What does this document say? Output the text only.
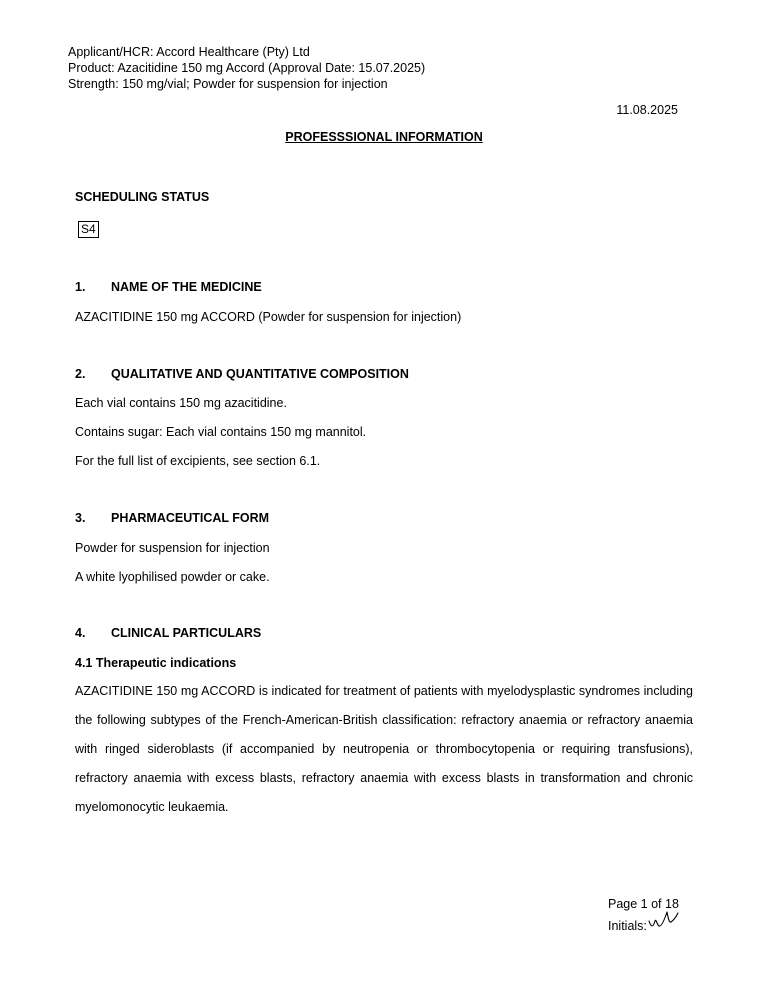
Applicant/HCR: Accord Healthcare (Pty) Ltd
Product: Azacitidine 150 mg Accord (Approval Date: 15.07.2025)
Strength: 150 mg/vial; Powder for suspension for injection
11.08.2025
PROFESSSIONAL INFORMATION
SCHEDULING STATUS
S4
1. NAME OF THE MEDICINE
AZACITIDINE 150 mg ACCORD (Powder for suspension for injection)
2. QUALITATIVE AND QUANTITATIVE COMPOSITION
Each vial contains 150 mg azacitidine.
Contains sugar: Each vial contains 150 mg mannitol.
For the full list of excipients, see section 6.1.
3. PHARMACEUTICAL FORM
Powder for suspension for injection
A white lyophilised powder or cake.
4. CLINICAL PARTICULARS
4.1 Therapeutic indications
AZACITIDINE 150 mg ACCORD is indicated for treatment of patients with myelodysplastic syndromes including the following subtypes of the French-American-British classification: refractory anaemia or refractory anaemia with ringed sideroblasts (if accompanied by neutropenia or thrombocytopenia or requiring transfusions), refractory anaemia with excess blasts, refractory anaemia with excess blasts in transformation and chronic myelomonocytic leukaemia.
Page 1 of 18
Initials:
